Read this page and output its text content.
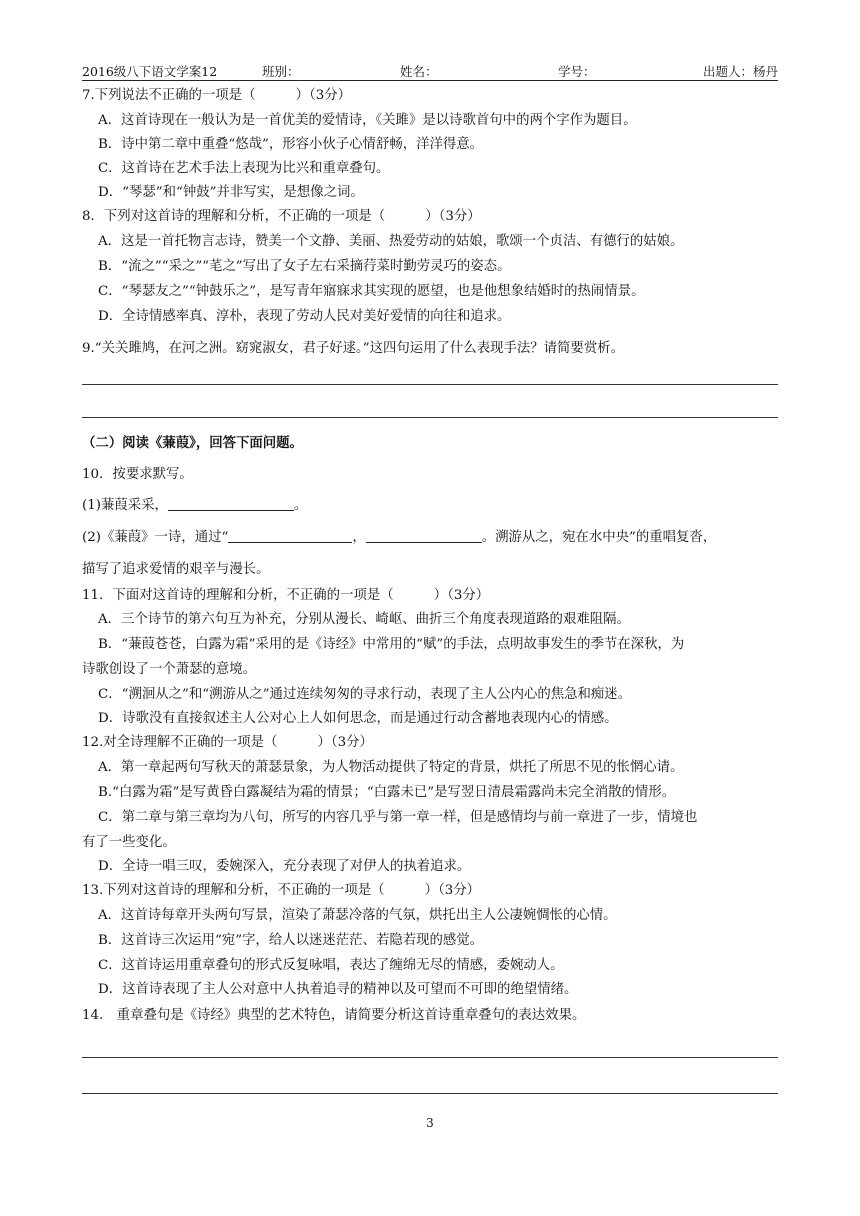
2016级八下语文学案12	班别：	姓名：	学号：	出题人：杨丹
7.下列说法不正确的一项是（　　　）（3分）
A．这首诗现在一般认为是一首优美的爱情诗，《关雎》是以诗歌首句中的两个字作为题目。
B．诗中第二章中重叠“悠哉”，形容小伙子心情舒畅，洋洋得意。
C．这首诗在艺术手法上表现为比兴和重章叠句。
D．“琴瑟”和“钟鼓”并非写实，是想像之词。
8．下列对这首诗的理解和分析，不正确的一项是（　　　）（3分）
A．这是一首托物言志诗，赞美一个文静、美丽、热爱劳动的姑娘，歌颂一个贞洁、有德行的姑娘。
B．“流之”“采之”“芼之”写出了女子左右采摘荇菜时勤劳灵巧的姿态。
C．“琴瑟友之”“钟鼓乐之”，是写青年寤寐求其实现的愿望，也是他想象结婚时的热闹情景。
D．全诗情感率真、淳朴，表现了劳动人民对美好爱情的向往和追求。
9.“关关雎鸠，在河之洲。窈窕淑女，君子好逑。”这四句运用了什么表现手法？请简要赏析。
（二）阅读《蒹葭》，回答下面问题。
10．按要求默写。
(1)蒹葭采采，	。
(2)《蒹葭》一诗，通过“	，	。溯游从之，宛在水中央”的重唱复沓，
描写了追求爱情的艰辛与漫长。
11．下面对这首诗的理解和分析，不正确的一项是（　　　）（3分）
A．三个诗节的第六句互为补充，分别从漫长、崎岖、曲折三个角度表现道路的艰难阻隔。
B．“蒹葭苍苍，白露为霜”采用的是《诗经》中常用的“赋”的手法，点明故事发生的季节在深秋，为
诗歌创设了一个萧瑟的意境。
C．“溯洄从之”和“溯游从之”通过连续匆匆的寻求行动，表现了主人公内心的焦急和痴迷。
D．诗歌没有直接叙述主人公对心上人如何思念，而是通过行动含蓄地表现内心的情感。
12.对全诗理解不正确的一项是（　　　）（3分）
A．第一章起两句写秋天的萧瑟景象，为人物活动提供了特定的背景，烘托了所思不见的怅惘心请。
B.“白露为霜”是写黄昏白露凝结为霜的情景；“白露未已”是写翌日清晨霜露尚未完全消散的情形。
C．第二章与第三章均为八句，所写的内容几乎与第一章一样，但是感情均与前一章进了一步，情境也
有了一些变化。
D．全诗一唱三叹，委婉深入，充分表现了对伊人的执着追求。
13.下列对这首诗的理解和分析，不正确的一项是（　　　）（3分）
A．这首诗每章开头两句写景，渲染了萧瑟冷落的气氛，烘托出主人公凄婉惆怅的心情。
B．这首诗三次运用“宛”字，给人以迷迷茫茫、若隐若现的感觉。
C．这首诗运用重章叠句的形式反复咏唱，表达了缠绵无尽的情感，委婉动人。
D．这首诗表现了主人公对意中人执着追寻的精神以及可望而不可即的绝望情绪。
14.　重章叠句是《诗经》典型的艺术特色，请简要分析这首诗重章叠句的表达效果。
3
